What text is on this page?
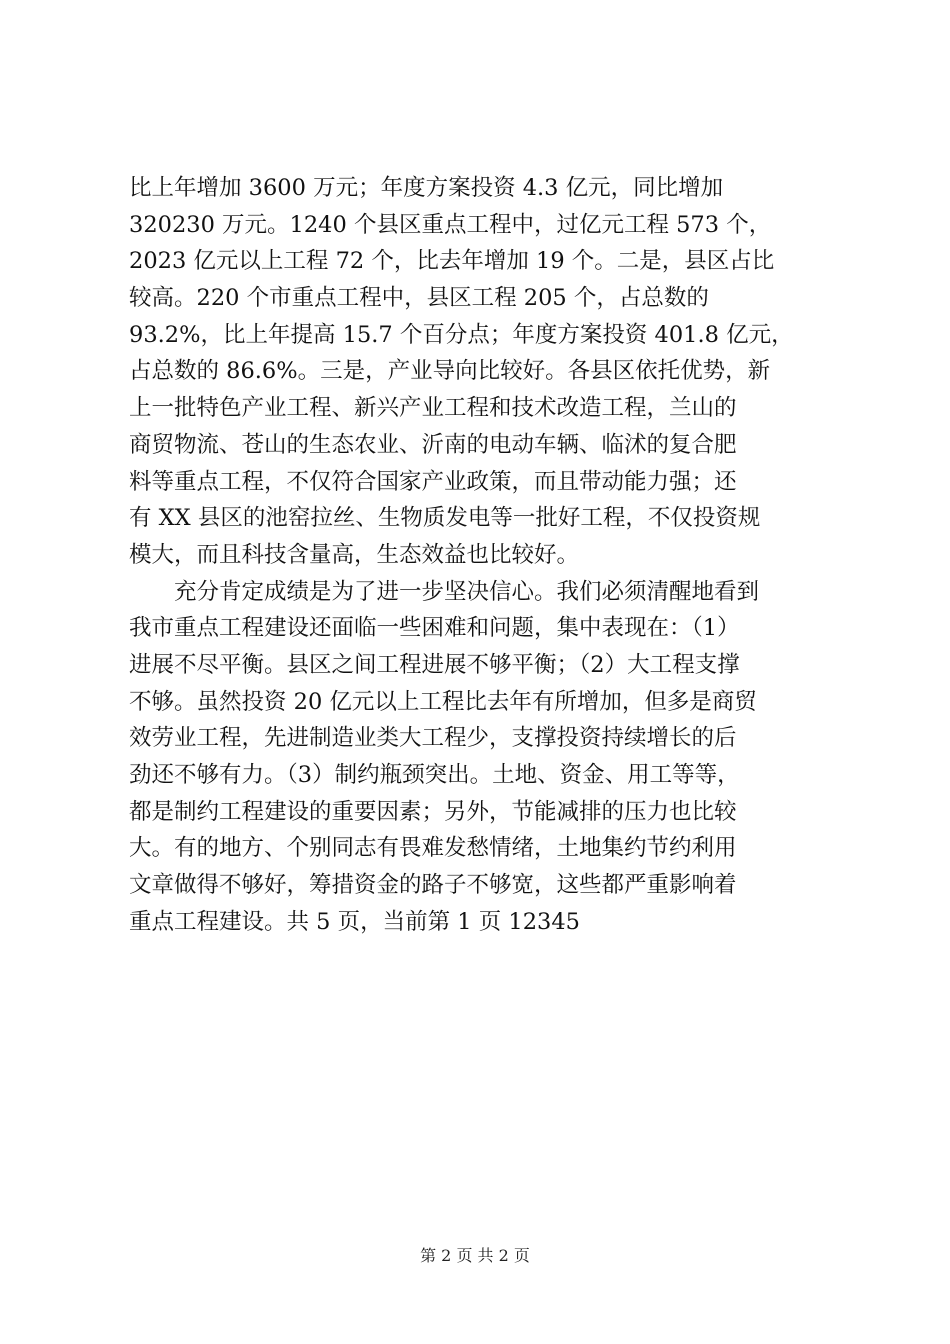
比上年增加 3600 万元；年度方案投资 4.3 亿元，同比增加
320230 万元。1240 个县区重点工程中，过亿元工程 573 个，
2023 亿元以上工程 72 个，比去年增加 19 个。二是，县区占比
较高。220 个市重点工程中，县区工程 205 个，占总数的
93.2%，比上年提高 15.7 个百分点；年度方案投资 401.8 亿元，
占总数的 86.6%。三是，产业导向比较好。各县区依托优势，新
上一批特色产业工程、新兴产业工程和技术改造工程，兰山的
商贸物流、苍山的生态农业、沂南的电动车辆、临沭的复合肥
料等重点工程，不仅符合国家产业政策，而且带动能力强；还
有 XX 县区的池窑拉丝、生物质发电等一批好工程，不仅投资规
模大，而且科技含量高，生态效益也比较好。
　　充分肯定成绩是为了进一步坚决信心。我们必须清醒地看到
我市重点工程建设还面临一些困难和问题，集中表现在：（1）
进展不尽平衡。县区之间工程进展不够平衡；（2）大工程支撑
不够。虽然投资 20 亿元以上工程比去年有所增加，但多是商贸
效劳业工程，先进制造业类大工程少，支撑投资持续增长的后
劲还不够有力。（3）制约瓶颈突出。土地、资金、用工等等，
都是制约工程建设的重要因素；另外，节能减排的压力也比较
大。有的地方、个别同志有畏难发愁情绪，土地集约节约利用
文章做得不够好，筹措资金的路子不够宽，这些都严重影响着
重点工程建设。共 5 页，当前第 1 页 12345
第 2 页 共 2 页
